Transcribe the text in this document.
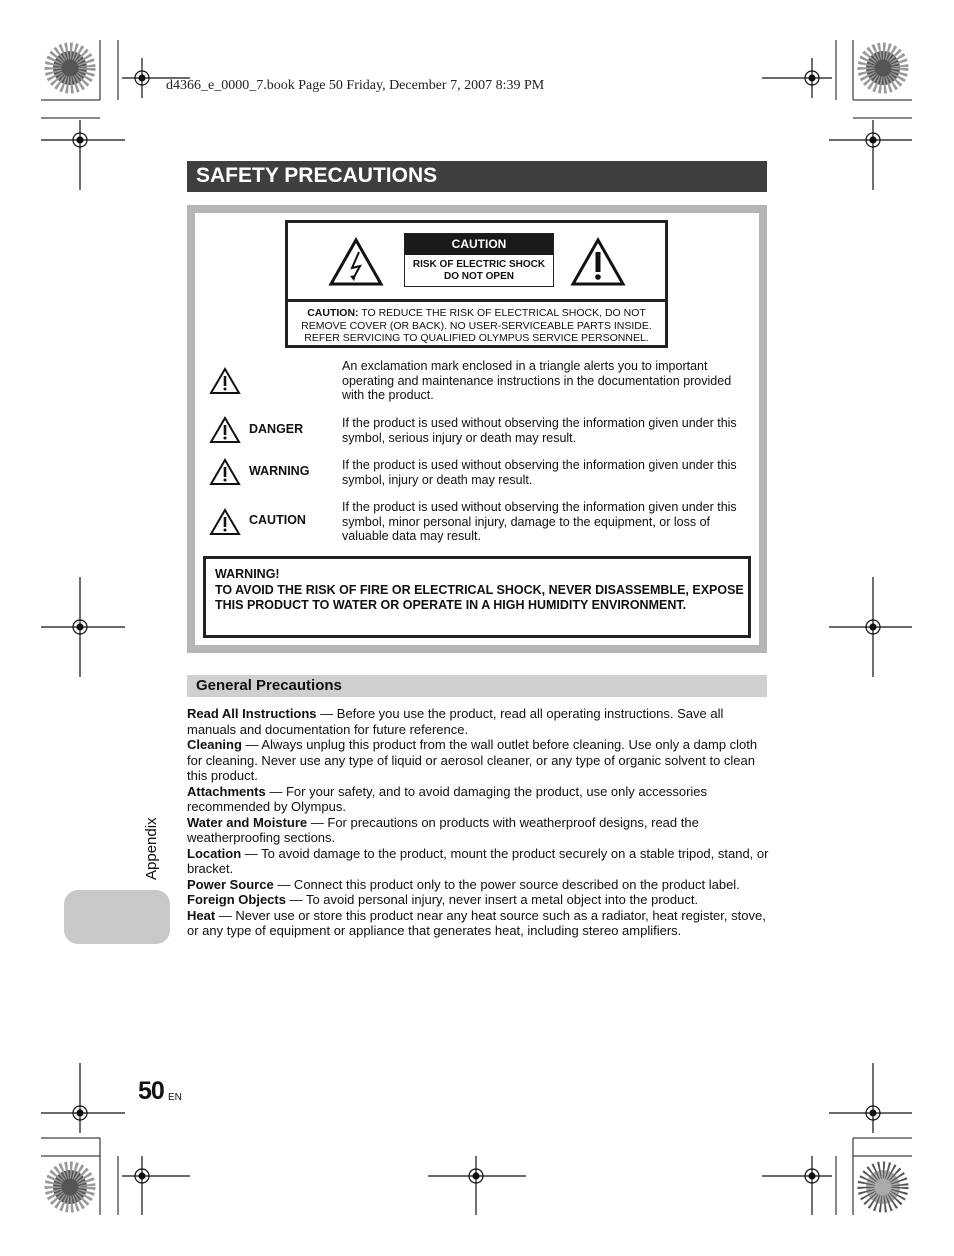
d4366_e_0000_7.book Page 50 Friday, December 7, 2007 8:39 PM
SAFETY PRECAUTIONS
CAUTION
RISK OF ELECTRIC SHOCK
DO NOT OPEN
CAUTION: TO REDUCE THE RISK OF ELECTRICAL SHOCK, DO NOT REMOVE COVER (OR BACK). NO USER-SERVICEABLE PARTS INSIDE. REFER SERVICING TO QUALIFIED OLYMPUS SERVICE PERSONNEL.
An exclamation mark enclosed in a triangle alerts you to important operating and maintenance instructions in the documentation provided with the product.
DANGER	If the product is used without observing the information given under this symbol, serious injury or death may result.
WARNING	If the product is used without observing the information given under this symbol, injury or death may result.
CAUTION
If the product is used without observing the information given under this symbol, minor personal injury, damage to the equipment, or loss of valuable data may result.
WARNING!
TO AVOID THE RISK OF FIRE OR ELECTRICAL SHOCK, NEVER DISASSEMBLE, EXPOSE THIS PRODUCT TO WATER OR OPERATE IN A HIGH HUMIDITY ENVIRONMENT.
General Precautions

Read All Instructions — Before you use the product, read all operating instructions. Save all manuals and documentation for future reference.

Cleaning — Always unplug this product from the wall outlet before cleaning. Use only a damp cloth for cleaning. Never use any type of liquid or aerosol cleaner, or any type of organic solvent to clean this product.

Attachments — For your safety, and to avoid damaging the product, use only accessories recommended by Olympus.

Water and Moisture — For precautions on products with weatherproof designs, read the weatherproofing sections.

Location — To avoid damage to the product, mount the product securely on a stable tripod, stand, or bracket.

Power Source — Connect this product only to the power source described on the product label.

Foreign Objects — To avoid personal injury, never insert a metal object into the product.

Heat — Never use or store this product near any heat source such as a radiator, heat register, stove, or any type of equipment or appliance that generates heat, including stereo amplifiers.

Appendix
50 EN
